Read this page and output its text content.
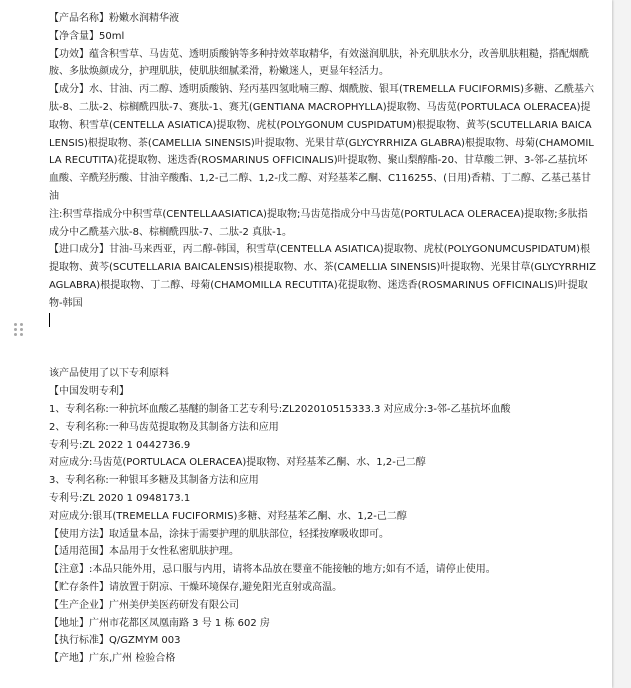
【产品名称】粉嫩水润精华液

【净含量】50ml

【功效】蕴含积雪草、马齿苋、透明质酸钠等多种持效萃取精华，有效滋润肌肤，补充肌肤水分，改善肌肤粗糙，搭配烟酰胺、多肽焕颜成分，护理肌肤，使肌肤细腻柔滑，粉嫩迷人，更显年轻活力。

【成分】水、甘油、丙二醇、透明质酸钠、羟丙基四氢吡喃三醇、烟酰胺、银耳(TREMELLA FUCIFORMIS)多糖、乙酰基六肽-8、二肽-2、棕榈酰四肽-7、赛肽-1、赛艽(GENTIANA MACROPHYLLA)提取物、马齿苋(PORTULACA OLERACEA)提取物、积雪草(CENTELLA ASIATICA)提取物、虎杖(POLYGONUM CUSPIDATUM)根提取物、黄芩(SCUTELLARIA BAICALENSIS)根提取物、茶(CAMELLIA SINENSIS)叶提取物、光果甘草(GLYCYRRHIZA GLABRA)根提取物、母菊(CHAMOMILLA RECUTITA)花提取物、迷迭香(ROSMARINUS OFFICINALIS)叶提取物、聚山梨醇酯-20、甘草酸二钾、3-邻-乙基抗坏血酸、辛酰羟肟酸、甘油辛酸酯、1,2-己二醇、1,2-戊二醇、对羟基苯乙酮、C116255、(日用)香精、丁二醇、乙基己基甘油

注:积雪草指成分中积雪草(CENTELLAASIATICA)提取物;马齿苋指成分中马齿苋(PORTULACA OLERACEA)提取物;多肽指成分中乙酰基六肽-8、棕榈酰四肽-7、二肽-2 真肽-1。

【进口成分】甘油-马来西亚，丙二醇-韩国，积雪草(CENTELLA ASIATICA)提取物、虎杖(POLYGONUMCUSPIDATUM)根提取物、黄芩(SCUTELLARIA BAICALENSIS)根提取物、水、茶(CAMELLIA SINENSIS)叶提取物、光果甘草(GLYCYRRHIZAGLABRA)根提取物、丁二醇、母菊(CHAMOMILLA RECUTITA)花提取物、迷迭香(ROSMARINUS OFFICINALIS)叶提取物-韩国

该产品使用了以下专利原料

【中国发明专利】

1、专利名称:一种抗坏血酸乙基醚的制备工艺专利号:ZL202010515333.3 对应成分:3-邻-乙基抗坏血酸

2、专利名称:一种马齿苋提取物及其制备方法和应用

专利号:ZL 2022 1 0442736.9

对应成分:马齿苋(PORTULACA OLERACEA)提取物、对羟基苯乙酮、水、1,2-己二醇

3、专利名称:一种银耳多糖及其制备方法和应用

专利号:ZL 2020 1 0948173.1

对应成分:银耳(TREMELLA FUCIFORMIS)多糖、对羟基苯乙酮、水、1,2-己二醇

【使用方法】取适量本品，涂抹于需要护理的肌肤部位，轻揉按摩吸收即可。

【适用范围】本品用于女性私密肌肤护理。

【注意】:本品只能外用，忌口服与内用，请将本品放在婴童不能接触的地方;如有不适，请停止使用。

【贮存条件】请放置于阴凉、干燥环境保存,避免阳光直射或高温。

【生产企业】广州美伊美医药研发有限公司

【地址】广州市花都区凤凰南路 3 号 1 栋 602 房

【执行标准】Q/GZMYM 003

【产地】广东,广州 检验合格
